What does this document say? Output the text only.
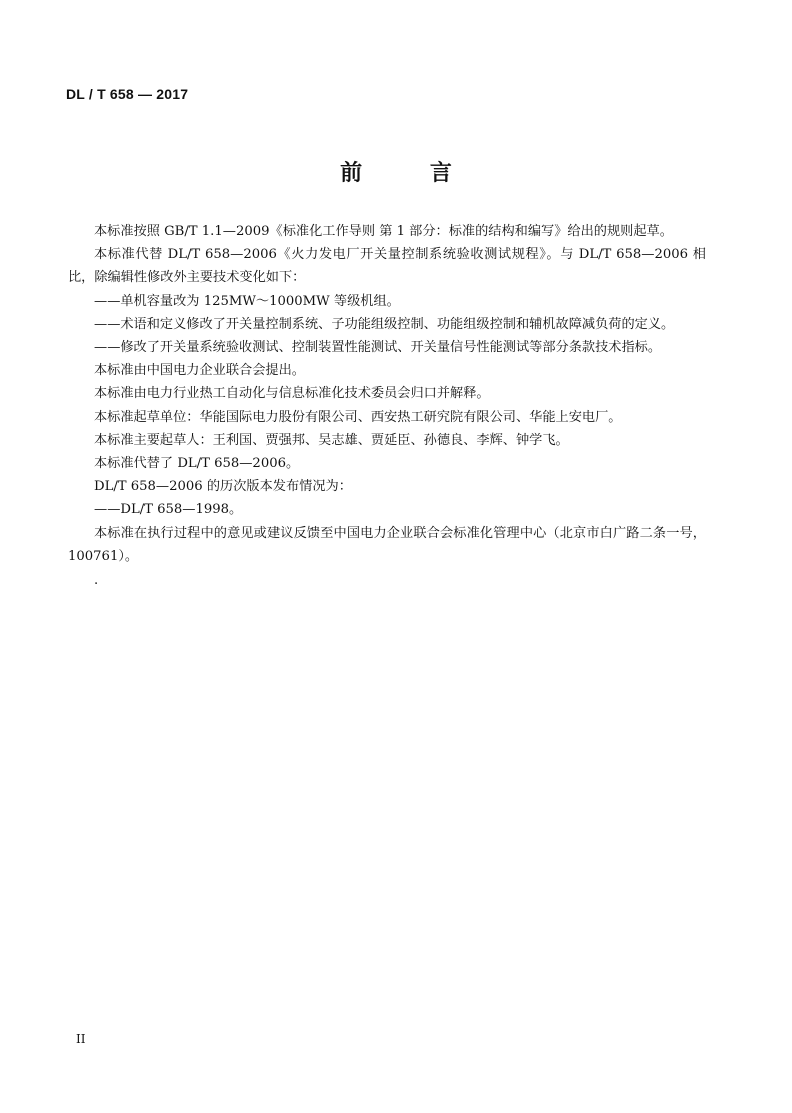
DL / T 658 — 2017
前 言

本标准按照 GB/T 1.1—2009《标准化工作导则 第 1 部分：标准的结构和编写》给出的规则起草。

本标准代替 DL/T 658—2006《火力发电厂开关量控制系统验收测试规程》。与 DL/T 658—2006 相比，除编辑性修改外主要技术变化如下：

——单机容量改为 125MW～1000MW 等级机组。

——术语和定义修改了开关量控制系统、子功能组级控制、功能组级控制和辅机故障减负荷的定义。

——修改了开关量系统验收测试、控制装置性能测试、开关量信号性能测试等部分条款技术指标。

本标准由中国电力企业联合会提出。

本标准由电力行业热工自动化与信息标准化技术委员会归口并解释。

本标准起草单位：华能国际电力股份有限公司、西安热工研究院有限公司、华能上安电厂。

本标准主要起草人：王利国、贾强邦、吴志雄、贾延臣、孙德良、李辉、钟学飞。

本标准代替了 DL/T 658—2006。

DL/T 658—2006 的历次版本发布情况为：

——DL/T 658—1998。

本标准在执行过程中的意见或建议反馈至中国电力企业联合会标准化管理中心（北京市白广路二条一号，100761）。

.
II
